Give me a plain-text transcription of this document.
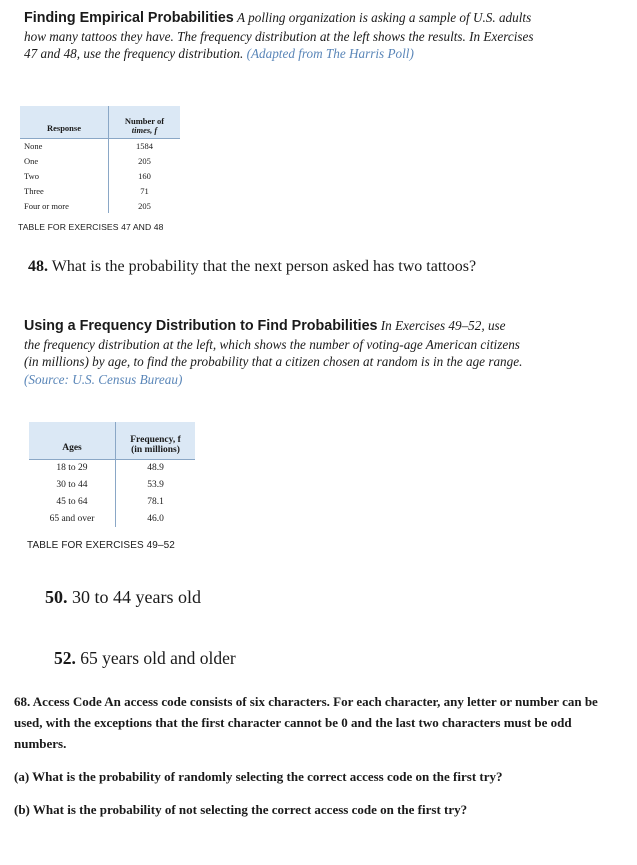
Finding Empirical Probabilities A polling organization is asking a sample of U.S. adults how many tattoos they have. The frequency distribution at the left shows the results. In Exercises 47 and 48, use the frequency distribution. (Adapted from The Harris Poll)
Response	Number of
times, f

None	1584
One	205
Two	160
Three	71
Four or more	205
TABLE FOR EXERCISES 47 AND 48
48. What is the probability that the next person asked has two tattoos?
Using a Frequency Distribution to Find Probabilities In Exercises 49–52, use the frequency distribution at the left, which shows the number of voting-age American citizens (in millions) by age, to find the probability that a citizen chosen at random is in the age range. (Source: U.S. Census Bureau)
Ages	Frequency, f
(in millions)

18 to 29	48.9
30 to 44	53.9
45 to 64	78.1
65 and over	46.0
TABLE FOR EXERCISES 49–52
50. 30 to 44 years old
52. 65 years old and older
68. Access Code An access code consists of six characters. For each character, any letter or number can be used, with the exceptions that the first character cannot be 0 and the last two characters must be odd numbers.
(a) What is the probability of randomly selecting the correct access code on the first try?
(b) What is the probability of not selecting the correct access code on the first try?
